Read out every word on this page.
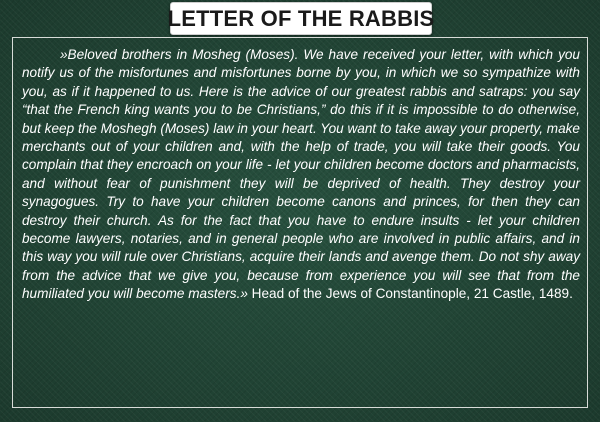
LETTER OF THE RABBIS

»Beloved brothers in Mosheg (Moses). We have received your letter, with which you notify us of the misfortunes and misfortunes borne by you, in which we so sympathize with you, as if it happened to us. Here is the advice of our greatest rabbis and satraps: you say “that the French king wants you to be Christians,” do this if it is impossible to do otherwise, but keep the Moshegh (Moses) law in your heart. You want to take away your property, make merchants out of your children and, with the help of trade, you will take their goods. You complain that they encroach on your life - let your children become doctors and pharmacists, and without fear of punishment they will be deprived of health. They destroy your synagogues. Try to have your children become canons and princes, for then they can destroy their church. As for the fact that you have to endure insults - let your children become lawyers, notaries, and in general people who are involved in public affairs, and in this way you will rule over Christians, acquire their lands and avenge them. Do not shy away from the advice that we give you, because from experience you will see that from the humiliated you will become masters.» Head of the Jews of Constantinople, 21 Castle, 1489.
